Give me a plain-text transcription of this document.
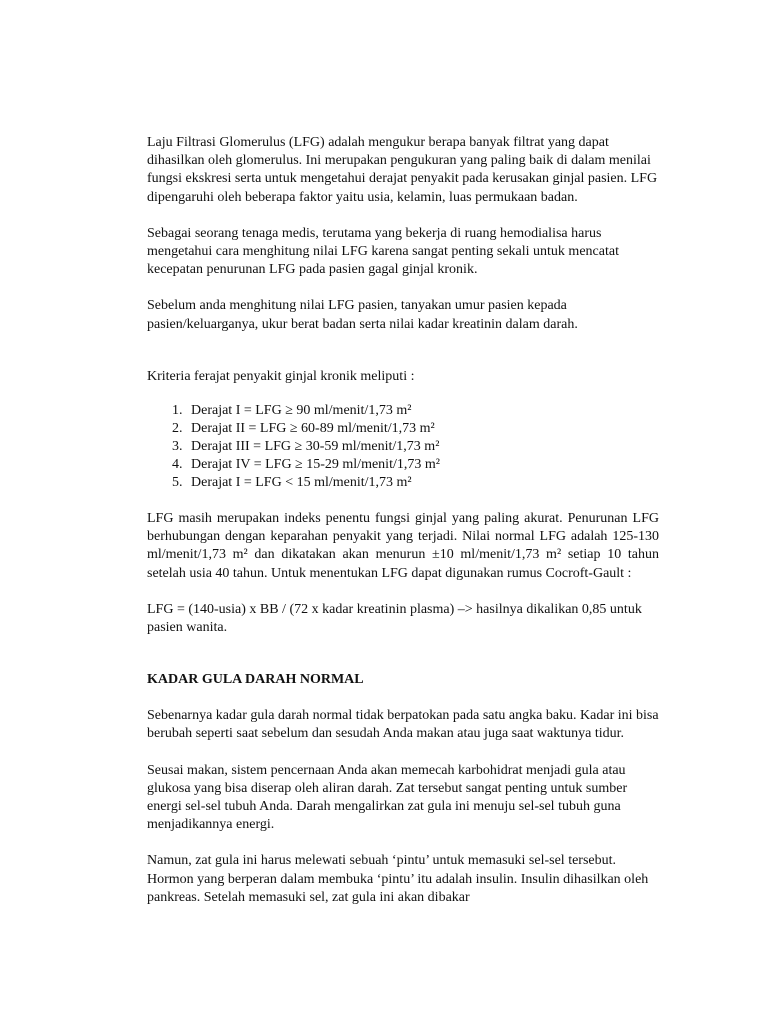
Laju Filtrasi Glomerulus (LFG) adalah mengukur berapa banyak filtrat yang dapat dihasilkan oleh glomerulus. Ini merupakan pengukuran yang paling baik di dalam menilai fungsi ekskresi serta untuk mengetahui derajat penyakit pada kerusakan ginjal pasien. LFG dipengaruhi oleh beberapa faktor yaitu usia, kelamin, luas permukaan badan.

Sebagai seorang tenaga medis, terutama yang bekerja di ruang hemodialisa harus mengetahui cara menghitung nilai LFG karena sangat penting sekali untuk mencatat kecepatan penurunan LFG pada pasien gagal ginjal kronik.

Sebelum anda menghitung nilai LFG pasien, tanyakan umur pasien kepada pasien/keluarganya, ukur berat badan serta nilai kadar kreatinin dalam darah.

Kriteria ferajat penyakit ginjal kronik meliputi :

1. Derajat I = LFG ≥ 90 ml/menit/1,73 m²
2. Derajat II = LFG ≥ 60-89 ml/menit/1,73 m²
3. Derajat III = LFG ≥ 30-59 ml/menit/1,73 m²
4. Derajat IV = LFG ≥ 15-29 ml/menit/1,73 m²
5. Derajat I = LFG < 15 ml/menit/1,73 m²

LFG masih merupakan indeks penentu fungsi ginjal yang paling akurat. Penurunan LFG berhubungan dengan keparahan penyakit yang terjadi. Nilai normal LFG adalah 125-130 ml/menit/1,73 m² dan dikatakan akan menurun ±10 ml/menit/1,73 m² setiap 10 tahun setelah usia 40 tahun. Untuk menentukan LFG dapat digunakan rumus Cocroft-Gault :

LFG = (140-usia) x BB / (72 x kadar kreatinin plasma) –> hasilnya dikalikan 0,85 untuk pasien wanita.

KADAR GULA DARAH NORMAL

Sebenarnya kadar gula darah normal tidak berpatokan pada satu angka baku. Kadar ini bisa berubah seperti saat sebelum dan sesudah Anda makan atau juga saat waktunya tidur.

Seusai makan, sistem pencernaan Anda akan memecah karbohidrat menjadi gula atau glukosa yang bisa diserap oleh aliran darah. Zat tersebut sangat penting untuk sumber energi sel-sel tubuh Anda. Darah mengalirkan zat gula ini menuju sel-sel tubuh guna menjadikannya energi.

Namun, zat gula ini harus melewati sebuah ‘pintu’ untuk memasuki sel-sel tersebut. Hormon yang berperan dalam membuka ‘pintu’ itu adalah insulin. Insulin dihasilkan oleh pankreas. Setelah memasuki sel, zat gula ini akan dibakar
